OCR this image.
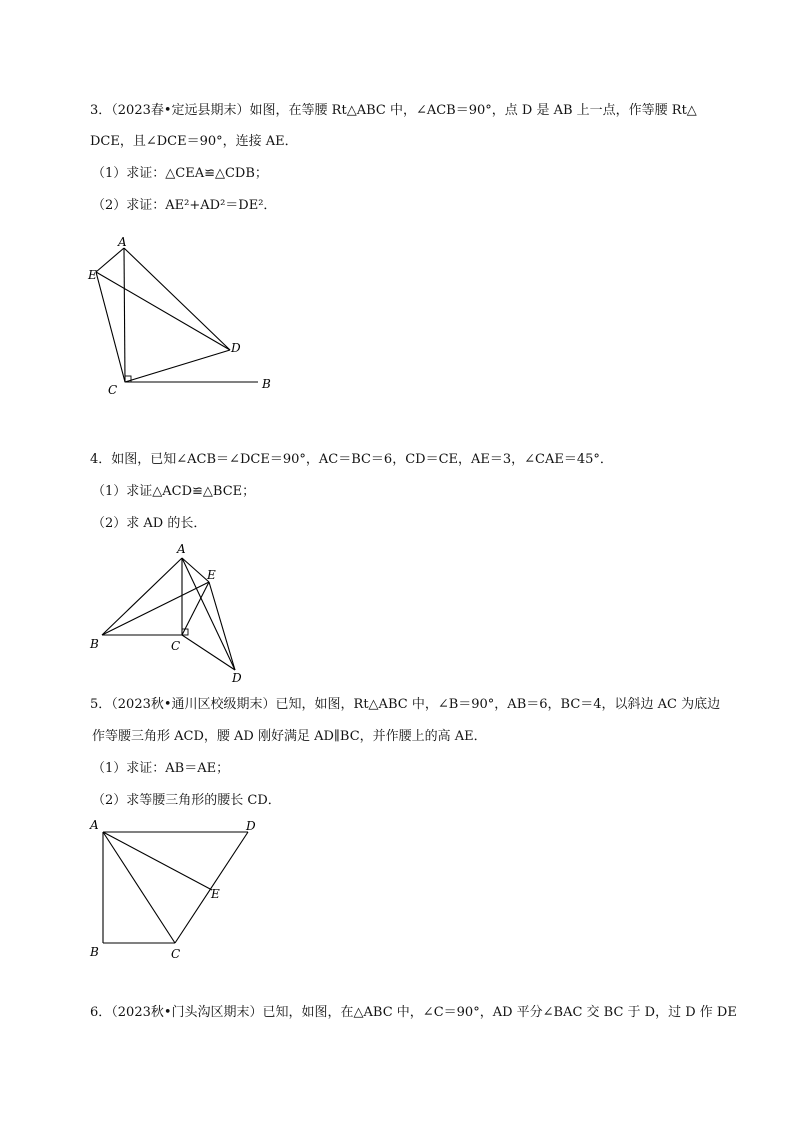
3．（2023春•定远县期末）如图，在等腰 Rt△ABC 中，∠ACB＝90°，点 D 是 AB 上一点，作等腰 Rt△
DCE，且∠DCE＝90°，连接 AE．
（1）求证：△CEA≌△CDB；
（2）求证：AE²+AD²＝DE²．
A
E
D
C	B
4．如图，已知∠ACB＝∠DCE＝90°，AC＝BC＝6，CD＝CE，AE＝3，∠CAE＝45°．
（1）求证△ACD≌△BCE；
（2）求 AD 的长．
A
E
B	C
D
5．（2023秋•通川区校级期末）已知，如图，Rt△ABC 中，∠B＝90°，AB＝6，BC＝4，以斜边 AC 为底边
作等腰三角形 ACD，腰 AD 刚好满足 AD∥BC，并作腰上的高 AE．
（1）求证：AB＝AE；
（2）求等腰三角形的腰长 CD．
A	D
E
B	C
6．（2023秋•门头沟区期末）已知，如图，在△ABC 中，∠C＝90°，AD 平分∠BAC 交 BC 于 D，过 D 作 DE
